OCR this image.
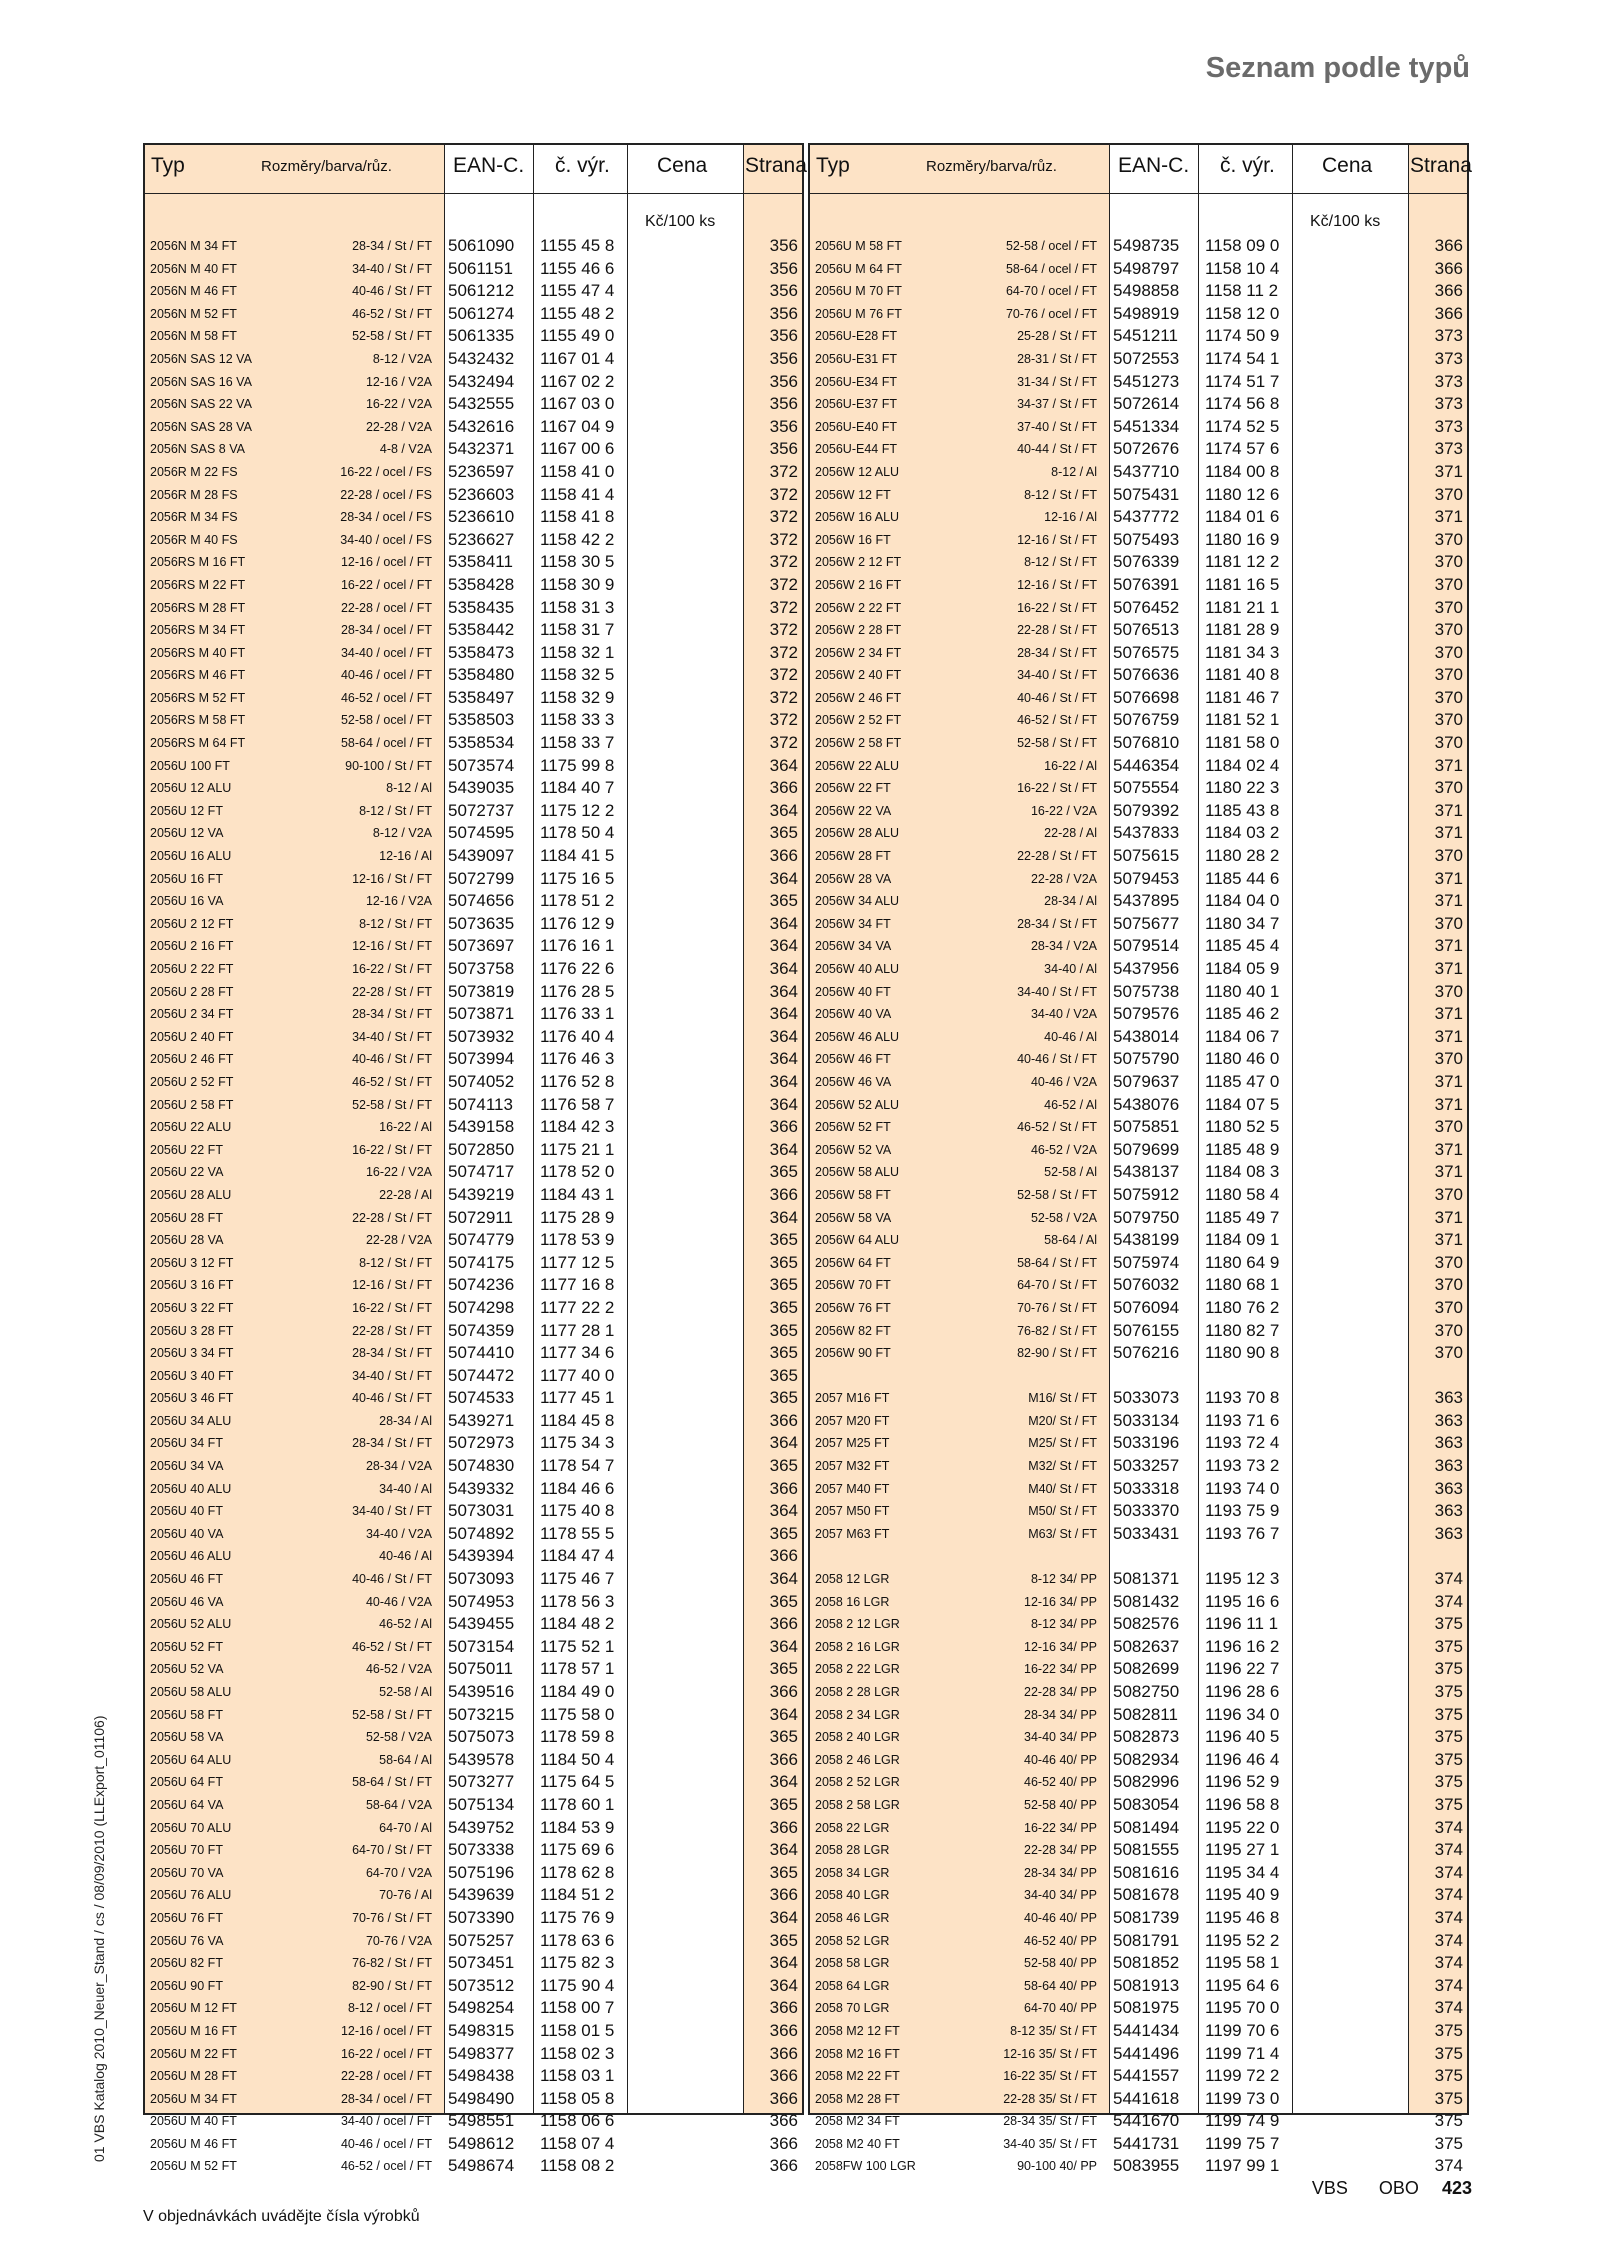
Seznam podle typů
01 VBS Katalog 2010_Neuer_Stand / cs / 08/09/2010 (LLExport_01106)
Typ	Rozměry/barva/růz.	EAN-C. č. výr. Cena Strana
Kč/100 ks
2056N M 34 FT	28-34 / St / FT 5061090 1155 45 8	356
2056N M 40 FT	34-40 / St / FT 5061151 1155 46 6	356
2056N M 46 FT	40-46 / St / FT 5061212 1155 47 4	356
2056N M 52 FT	46-52 / St / FT 5061274 1155 48 2	356
2056N M 58 FT	52-58 / St / FT 5061335 1155 49 0	356
2056N SAS 12 VA	8-12 / V2A 5432432 1167 01 4	356
2056N SAS 16 VA	12-16 / V2A 5432494 1167 02 2	356
2056N SAS 22 VA	16-22 / V2A 5432555 1167 03 0	356
2056N SAS 28 VA	22-28 / V2A 5432616 1167 04 9	356
2056N SAS 8 VA	4-8 / V2A 5432371 1167 00 6	356
2056R M 22 FS	16-22 / ocel / FS 5236597 1158 41 0	372
2056R M 28 FS	22-28 / ocel / FS 5236603 1158 41 4	372
2056R M 34 FS	28-34 / ocel / FS 5236610 1158 41 8	372
2056R M 40 FS	34-40 / ocel / FS 5236627 1158 42 2	372
2056RS M 16 FT	12-16 / ocel / FT 5358411 1158 30 5	372
2056RS M 22 FT	16-22 / ocel / FT 5358428 1158 30 9	372
2056RS M 28 FT	22-28 / ocel / FT 5358435 1158 31 3	372
2056RS M 34 FT	28-34 / ocel / FT 5358442 1158 31 7	372
2056RS M 40 FT	34-40 / ocel / FT 5358473 1158 32 1	372
2056RS M 46 FT	40-46 / ocel / FT 5358480 1158 32 5	372
2056RS M 52 FT	46-52 / ocel / FT 5358497 1158 32 9	372
2056RS M 58 FT	52-58 / ocel / FT 5358503 1158 33 3	372
2056RS M 64 FT	58-64 / ocel / FT 5358534 1158 33 7	372
2056U 100 FT	90-100 / St / FT 5073574 1175 99 8	364
2056U 12 ALU	8-12 / Al 5439035 1184 40 7	366
2056U 12 FT	8-12 / St / FT 5072737 1175 12 2	364
2056U 12 VA	8-12 / V2A 5074595 1178 50 4	365
2056U 16 ALU	12-16 / Al 5439097 1184 41 5	366
2056U 16 FT	12-16 / St / FT 5072799 1175 16 5	364
2056U 16 VA	12-16 / V2A 5074656 1178 51 2	365
2056U 2 12 FT	8-12 / St / FT 5073635 1176 12 9	364
2056U 2 16 FT	12-16 / St / FT 5073697 1176 16 1	364
2056U 2 22 FT	16-22 / St / FT 5073758 1176 22 6	364
2056U 2 28 FT	22-28 / St / FT 5073819 1176 28 5	364
2056U 2 34 FT	28-34 / St / FT 5073871 1176 33 1	364
2056U 2 40 FT	34-40 / St / FT 5073932 1176 40 4	364
2056U 2 46 FT	40-46 / St / FT 5073994 1176 46 3	364
2056U 2 52 FT	46-52 / St / FT 5074052 1176 52 8	364
2056U 2 58 FT	52-58 / St / FT 5074113 1176 58 7	364
2056U 22 ALU	16-22 / Al 5439158 1184 42 3	366
2056U 22 FT	16-22 / St / FT 5072850 1175 21 1	364
2056U 22 VA	16-22 / V2A 5074717 1178 52 0	365
2056U 28 ALU	22-28 / Al 5439219 1184 43 1	366
2056U 28 FT	22-28 / St / FT 5072911 1175 28 9	364
2056U 28 VA	22-28 / V2A 5074779 1178 53 9	365
2056U 3 12 FT	8-12 / St / FT 5074175 1177 12 5	365
2056U 3 16 FT	12-16 / St / FT 5074236 1177 16 8	365
2056U 3 22 FT	16-22 / St / FT 5074298 1177 22 2	365
2056U 3 28 FT	22-28 / St / FT 5074359 1177 28 1	365
2056U 3 34 FT	28-34 / St / FT 5074410 1177 34 6	365
2056U 3 40 FT	34-40 / St / FT 5074472 1177 40 0	365
2056U 3 46 FT	40-46 / St / FT 5074533 1177 45 1	365
2056U 34 ALU	28-34 / Al 5439271 1184 45 8	366
2056U 34 FT	28-34 / St / FT 5072973 1175 34 3	364
2056U 34 VA	28-34 / V2A 5074830 1178 54 7	365
2056U 40 ALU	34-40 / Al 5439332 1184 46 6	366
2056U 40 FT	34-40 / St / FT 5073031 1175 40 8	364
2056U 40 VA	34-40 / V2A 5074892 1178 55 5	365
2056U 46 ALU	40-46 / Al 5439394 1184 47 4	366
2056U 46 FT	40-46 / St / FT 5073093 1175 46 7	364
2056U 46 VA	40-46 / V2A 5074953 1178 56 3	365
2056U 52 ALU	46-52 / Al 5439455 1184 48 2	366
2056U 52 FT	46-52 / St / FT 5073154 1175 52 1	364
2056U 52 VA	46-52 / V2A 5075011 1178 57 1	365
2056U 58 ALU	52-58 / Al 5439516 1184 49 0	366
2056U 58 FT	52-58 / St / FT 5073215 1175 58 0	364
2056U 58 VA	52-58 / V2A 5075073 1178 59 8	365
2056U 64 ALU	58-64 / Al 5439578 1184 50 4	366
2056U 64 FT	58-64 / St / FT 5073277 1175 64 5	364
2056U 64 VA	58-64 / V2A 5075134 1178 60 1	365
2056U 70 ALU	64-70 / Al 5439752 1184 53 9	366
2056U 70 FT	64-70 / St / FT 5073338 1175 69 6	364
2056U 70 VA	64-70 / V2A 5075196 1178 62 8	365
2056U 76 ALU	70-76 / Al 5439639 1184 51 2	366
2056U 76 FT	70-76 / St / FT 5073390 1175 76 9	364
2056U 76 VA	70-76 / V2A 5075257 1178 63 6	365
2056U 82 FT	76-82 / St / FT 5073451 1175 82 3	364
2056U 90 FT	82-90 / St / FT 5073512 1175 90 4	364
2056U M 12 FT	8-12 / ocel / FT 5498254 1158 00 7	366
2056U M 16 FT	12-16 / ocel / FT 5498315 1158 01 5	366
2056U M 22 FT	16-22 / ocel / FT 5498377 1158 02 3	366
2056U M 28 FT	22-28 / ocel / FT 5498438 1158 03 1	366
2056U M 34 FT	28-34 / ocel / FT 5498490 1158 05 8	366
2056U M 40 FT	34-40 / ocel / FT 5498551 1158 06 6	366
2056U M 46 FT	40-46 / ocel / FT 5498612 1158 07 4	366
2056U M 52 FT	46-52 / ocel / FT 5498674 1158 08 2	366
Typ	Rozměry/barva/růz.	EAN-C. č. výr. Cena Strana
Kč/100 ks
2056U M 58 FT	52-58 / ocel / FT 5498735 1158 09 0	366
2056U M 64 FT	58-64 / ocel / FT 5498797 1158 10 4	366
2056U M 70 FT	64-70 / ocel / FT 5498858 1158 11 2	366
2056U M 76 FT	70-76 / ocel / FT 5498919 1158 12 0	366
2056U-E28 FT	25-28 / St / FT 5451211 1174 50 9	373
2056U-E31 FT	28-31 / St / FT 5072553 1174 54 1	373
2056U-E34 FT	31-34 / St / FT 5451273 1174 51 7	373
2056U-E37 FT	34-37 / St / FT 5072614 1174 56 8	373
2056U-E40 FT	37-40 / St / FT 5451334 1174 52 5	373
2056U-E44 FT	40-44 / St / FT 5072676 1174 57 6	373
2056W 12 ALU	8-12 / Al 5437710 1184 00 8	371
2056W 12 FT	8-12 / St / FT 5075431 1180 12 6	370
2056W 16 ALU	12-16 / Al 5437772 1184 01 6	371
2056W 16 FT	12-16 / St / FT 5075493 1180 16 9	370
2056W 2 12 FT	8-12 / St / FT 5076339 1181 12 2	370
2056W 2 16 FT	12-16 / St / FT 5076391 1181 16 5	370
2056W 2 22 FT	16-22 / St / FT 5076452 1181 21 1	370
2056W 2 28 FT	22-28 / St / FT 5076513 1181 28 9	370
2056W 2 34 FT	28-34 / St / FT 5076575 1181 34 3	370
2056W 2 40 FT	34-40 / St / FT 5076636 1181 40 8	370
2056W 2 46 FT	40-46 / St / FT 5076698 1181 46 7	370
2056W 2 52 FT	46-52 / St / FT 5076759 1181 52 1	370
2056W 2 58 FT	52-58 / St / FT 5076810 1181 58 0	370
2056W 22 ALU	16-22 / Al 5446354 1184 02 4	371
2056W 22 FT	16-22 / St / FT 5075554 1180 22 3	370
2056W 22 VA	16-22 / V2A 5079392 1185 43 8	371
2056W 28 ALU	22-28 / Al 5437833 1184 03 2	371
2056W 28 FT	22-28 / St / FT 5075615 1180 28 2	370
2056W 28 VA	22-28 / V2A 5079453 1185 44 6	371
2056W 34 ALU	28-34 / Al 5437895 1184 04 0	371
2056W 34 FT	28-34 / St / FT 5075677 1180 34 7	370
2056W 34 VA	28-34 / V2A 5079514 1185 45 4	371
2056W 40 ALU	34-40 / Al 5437956 1184 05 9	371
2056W 40 FT	34-40 / St / FT 5075738 1180 40 1	370
2056W 40 VA	34-40 / V2A 5079576 1185 46 2	371
2056W 46 ALU	40-46 / Al 5438014 1184 06 7	371
2056W 46 FT	40-46 / St / FT 5075790 1180 46 0	370
2056W 46 VA	40-46 / V2A 5079637 1185 47 0	371
2056W 52 ALU	46-52 / Al 5438076 1184 07 5	371
2056W 52 FT	46-52 / St / FT 5075851 1180 52 5	370
2056W 52 VA	46-52 / V2A 5079699 1185 48 9	371
2056W 58 ALU	52-58 / Al 5438137 1184 08 3	371
2056W 58 FT	52-58 / St / FT 5075912 1180 58 4	370
2056W 58 VA	52-58 / V2A 5079750 1185 49 7	371
2056W 64 ALU	58-64 / Al 5438199 1184 09 1	371
2056W 64 FT	58-64 / St / FT 5075974 1180 64 9	370
2056W 70 FT	64-70 / St / FT 5076032 1180 68 1	370
2056W 76 FT	70-76 / St / FT 5076094 1180 76 2	370
2056W 82 FT	76-82 / St / FT 5076155 1180 82 7	370
2056W 90 FT	82-90 / St / FT 5076216 1180 90 8	370
2057 M16 FT	M16/ St / FT 5033073 1193 70 8	363
2057 M20 FT	M20/ St / FT 5033134 1193 71 6	363
2057 M25 FT	M25/ St / FT 5033196 1193 72 4	363
2057 M32 FT	M32/ St / FT 5033257 1193 73 2	363
2057 M40 FT	M40/ St / FT 5033318 1193 74 0	363
2057 M50 FT	M50/ St / FT 5033370 1193 75 9	363
2057 M63 FT	M63/ St / FT 5033431 1193 76 7	363
2058 12 LGR	8-12 34/ PP 5081371 1195 12 3	374
2058 16 LGR	12-16 34/ PP 5081432 1195 16 6	374
2058 2 12 LGR	8-12 34/ PP 5082576 1196 11 1	375
2058 2 16 LGR	12-16 34/ PP 5082637 1196 16 2	375
2058 2 22 LGR	16-22 34/ PP 5082699 1196 22 7	375
2058 2 28 LGR	22-28 34/ PP 5082750 1196 28 6	375
2058 2 34 LGR	28-34 34/ PP 5082811 1196 34 0	375
2058 2 40 LGR	34-40 34/ PP 5082873 1196 40 5	375
2058 2 46 LGR	40-46 40/ PP 5082934 1196 46 4	375
2058 2 52 LGR	46-52 40/ PP 5082996 1196 52 9	375
2058 2 58 LGR	52-58 40/ PP 5083054 1196 58 8	375
2058 22 LGR	16-22 34/ PP 5081494 1195 22 0	374
2058 28 LGR	22-28 34/ PP 5081555 1195 27 1	374
2058 34 LGR	28-34 34/ PP 5081616 1195 34 4	374
2058 40 LGR	34-40 34/ PP 5081678 1195 40 9	374
2058 46 LGR	40-46 40/ PP 5081739 1195 46 8	374
2058 52 LGR	46-52 40/ PP 5081791 1195 52 2	374
2058 58 LGR	52-58 40/ PP 5081852 1195 58 1	374
2058 64 LGR	58-64 40/ PP 5081913 1195 64 6	374
2058 70 LGR	64-70 40/ PP 5081975 1195 70 0	374
2058 M2 12 FT	8-12 35/ St / FT 5441434 1199 70 6	375
2058 M2 16 FT	12-16 35/ St / FT 5441496 1199 71 4	375
2058 M2 22 FT	16-22 35/ St / FT 5441557 1199 72 2	375
2058 M2 28 FT	22-28 35/ St / FT 5441618 1199 73 0	375
2058 M2 34 FT	28-34 35/ St / FT 5441670 1199 74 9	375
2058 M2 40 FT	34-40 35/ St / FT 5441731 1199 75 7	375
2058FW 100 LGR	90-100 40/ PP 5083955 1197 99 1	374
V objednávkách uvádějte čísla výrobků
VBS OBO 423
